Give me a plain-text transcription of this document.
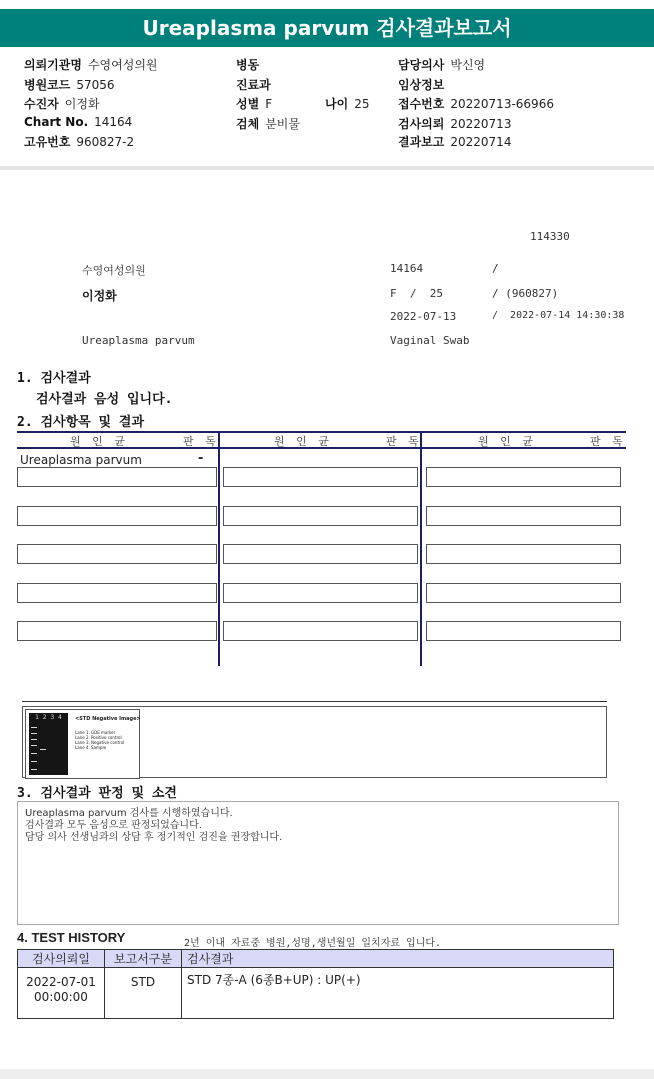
Ureaplasma parvum 검사결과보고서
의뢰기관명 수영여성의원	병동	담당의사 박신영
병원코드 57056	진료과	임상정보
수진자 이정화	성별 F	나이 25 접수번호 20220713-66966
Chart No. 14164	검체 분비물	검사의뢰 20220713
고유번호 960827-2	결과보고 20220714
114330
수영여성의원	14164	/
이정화	F  /  25	/ (960827)
2022-07-13	/  2022-07-14 14:30:38
Ureaplasma parvum	Vaginal Swab
1. 검사결과
검사결과 음성 입니다.
2. 검사항목 및 결과
원 인 균	판 독	원 인 균	판 독	원 인 균	판 독
Ureaplasma parvum	-
1  2  3  4	<STD Negative Image>
Lane 1. GDE marker
Lane 2. Positive control
Lane 3. Negative control
Lane 4. Sample
3. 검사결과 판정 및 소견
Ureaplasma parvum 검사를 시행하였습니다.
검사결과 모두 음성으로 판정되었습니다.
담당 의사 선생님과의 상담 후 정기적인 검진을 권장합니다.
4. TEST HISTORY	2년 이내 자료중 병원,성명,생년월일 일치자료 입니다.
검사의뢰일	보고서구분	검사결과

2022-07-01
00:00:00	STD	STD 7종-A (6종B+UP) : UP(+)
